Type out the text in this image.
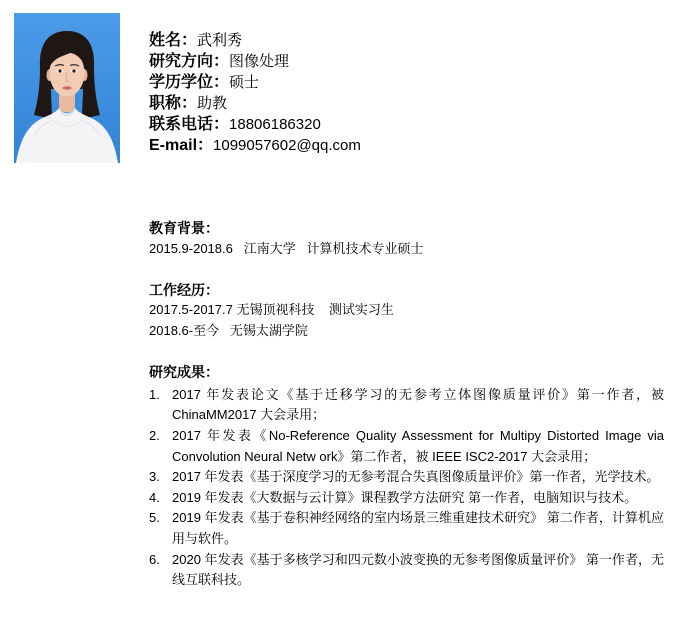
姓名：武利秀
研究方向：图像处理
学历学位：硕士
职称：助教
联系电话：18806186320
E-mail：1099057602@qq.com
教育背景：
2015.9-2018.6   江南大学   计算机技术专业硕士
工作经历：
2017.5-2017.7 无锡顶视科技    测试实习生
2018.6-至今   无锡太湖学院
研究成果：
1. 2017 年发表论文《基于迁移学习的无参考立体图像质量评价》第一作者，被ChinaMM2017 大会录用；
2. 2017 年发表《No-Reference Quality Assessment for Multipy Distorted Image via Convolution Neural Netw ork》第二作者，被 IEEE ISC2-2017 大会录用；
3. 2017 年发表《基于深度学习的无参考混合失真图像质量评价》第一作者，光学技术。
4. 2019 年发表《大数据与云计算》课程教学方法研究 第一作者，电脑知识与技术。
5. 2019 年发表《基于卷积神经网络的室内场景三维重建技术研究》 第二作者，计算机应用与软件。
6. 2020 年发表《基于多核学习和四元数小波变换的无参考图像质量评价》 第一作者，无线互联科技。
